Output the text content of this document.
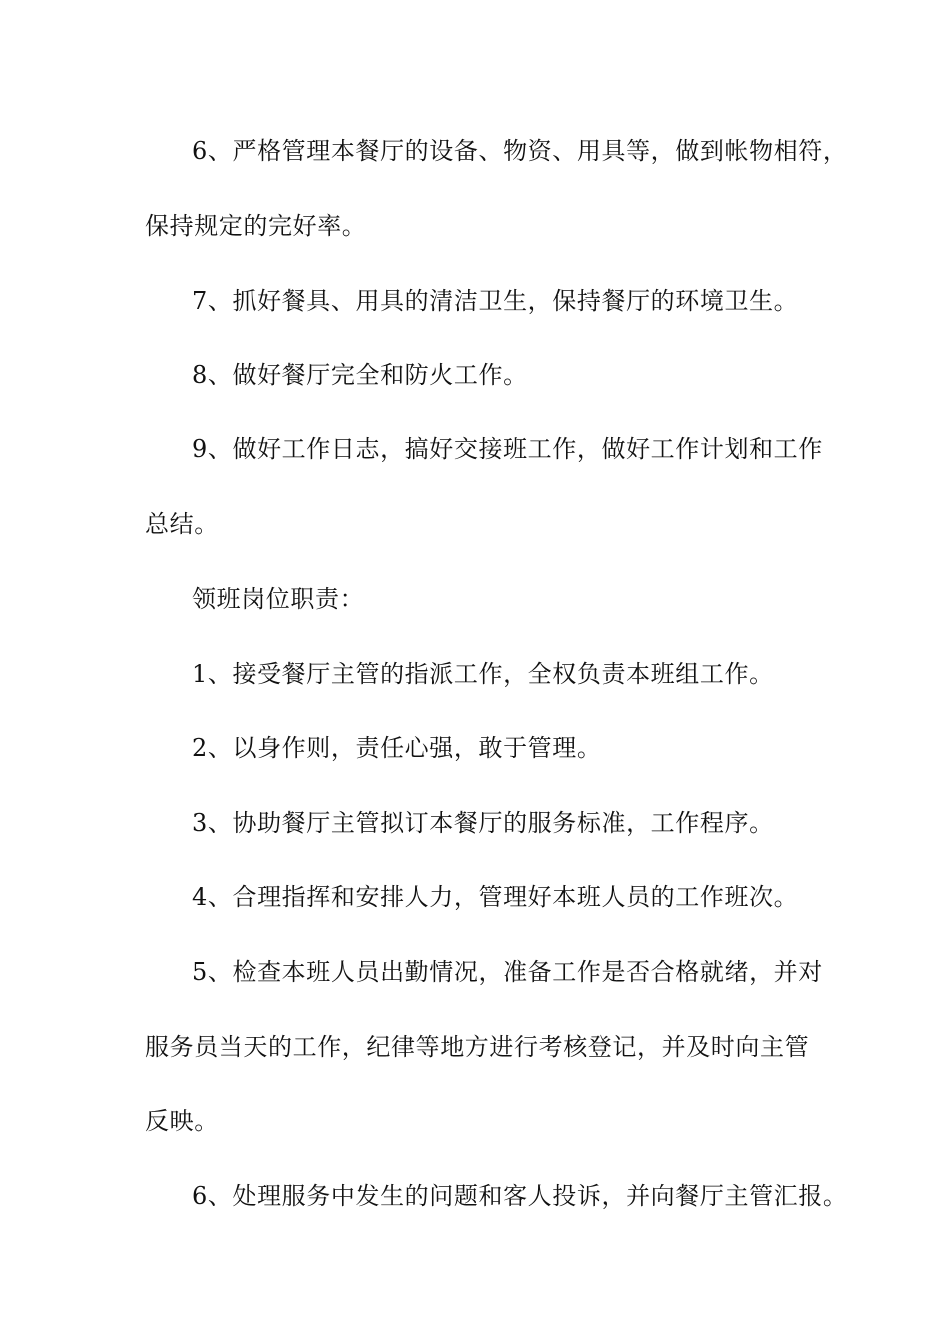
6、严格管理本餐厅的设备、物资、用具等，做到帐物相符，
保持规定的完好率。
7、抓好餐具、用具的清洁卫生，保持餐厅的环境卫生。
8、做好餐厅完全和防火工作。
9、做好工作日志，搞好交接班工作，做好工作计划和工作
总结。
领班岗位职责：
1、接受餐厅主管的指派工作，全权负责本班组工作。
2、以身作则，责任心强，敢于管理。
3、协助餐厅主管拟订本餐厅的服务标准，工作程序。
4、合理指挥和安排人力，管理好本班人员的工作班次。
5、检查本班人员出勤情况，准备工作是否合格就绪，并对
服务员当天的工作，纪律等地方进行考核登记，并及时向主管
反映。
6、处理服务中发生的问题和客人投诉，并向餐厅主管汇报。
